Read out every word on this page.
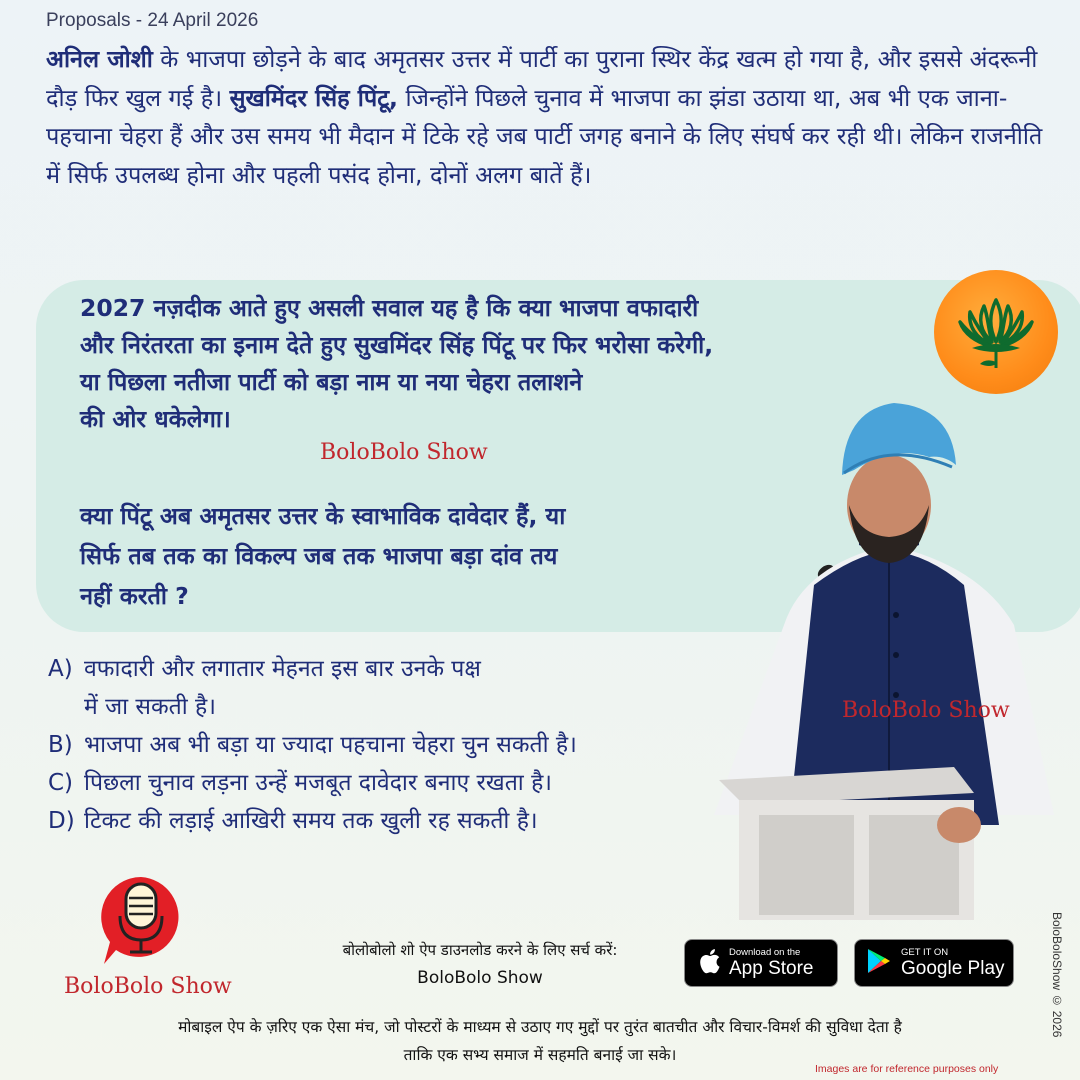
Proposals - 24 April 2026
अनिल जोशी के भाजपा छोड़ने के बाद अमृतसर उत्तर में पार्टी का पुराना स्थिर केंद्र खत्म हो गया है, और इससे अंदरूनी दौड़ फिर खुल गई है। सुखमिंदर सिंह पिंटू, जिन्होंने पिछले चुनाव में भाजपा का झंडा उठाया था, अब भी एक जाना-पहचाना चेहरा हैं और उस समय भी मैदान में टिके रहे जब पार्टी जगह बनाने के लिए संघर्ष कर रही थी। लेकिन राजनीति में सिर्फ उपलब्ध होना और पहली पसंद होना, दोनों अलग बातें हैं।
2027 नज़दीक आते हुए असली सवाल यह है कि क्या भाजपा वफादारी
और निरंतरता का इनाम देते हुए सुखमिंदर सिंह पिंटू पर फिर भरोसा करेगी,
या पिछला नतीजा पार्टी को बड़ा नाम या नया चेहरा तलाशने
की ओर धकेलेगा।
BoloBolo Show
क्या पिंटू अब अमृतसर उत्तर के स्वाभाविक दावेदार हैं, या
सिर्फ तब तक का विकल्प जब तक भाजपा बड़ा दांव तय
नहीं करती ?
A) वफादारी और लगातार मेहनत इस बार उनके पक्ष
में जा सकती है।
B) भाजपा अब भी बड़ा या ज्यादा पहचाना चेहरा चुन सकती है।
C) पिछला चुनाव लड़ना उन्हें मजबूत दावेदार बनाए रखता है।
D) टिकट की लड़ाई आखिरी समय तक खुली रह सकती है।
BoloBolo Show
BoloBoloShow © 2026
BoloBolo Show
बोलोबोलो शो ऐप डाउनलोड करने के लिए सर्च करें:
BoloBolo Show
Download on the
App Store
GET IT ON
Google Play
मोबाइल ऐप के ज़रिए एक ऐसा मंच, जो पोस्टरों के माध्यम से उठाए गए मुद्दों पर तुरंत बातचीत और विचार-विमर्श की सुविधा देता है
ताकि एक सभ्य समाज में सहमति बनाई जा सके।
Images are for reference purposes only
